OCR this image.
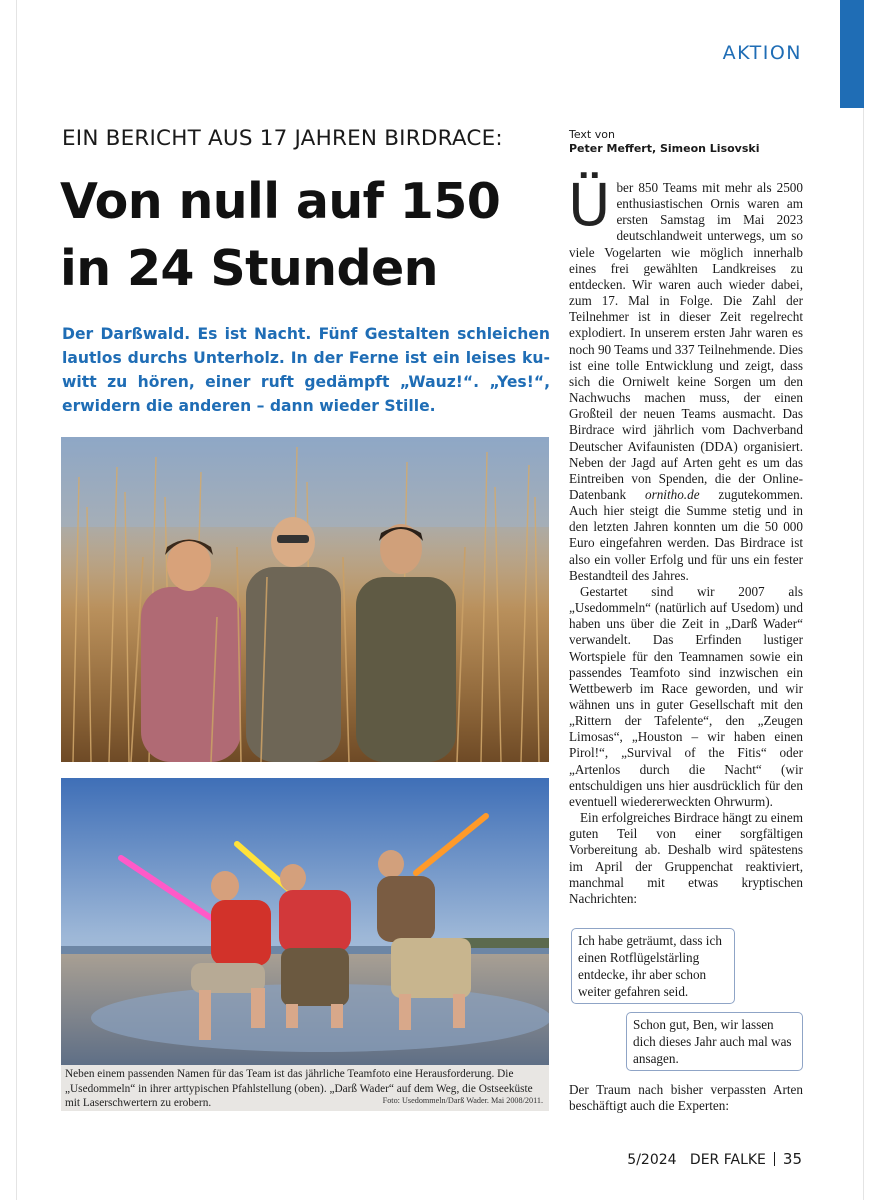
AKTION
EIN BERICHT AUS 17 JAHREN BIRDRACE:
Von null auf 150
in 24 Stunden

Der Darßwald. Es ist Nacht. Fünf Gestalten schleichen lautlos durchs Unterholz. In der Ferne ist ein leises ku-witt zu hören, einer ruft gedämpft „Wauz!“. „Yes!“, erwidern die anderen – dann wieder Stille.

Neben einem passenden Namen für das Team ist das jährliche Teamfoto eine Herausforderung. Die „Usedommeln“ in ihrer arttypischen Pfahlstellung (oben). „Darß Wader“ auf dem Weg, die Ostseeküste mit Laserschwertern zu erobern.	Foto: Usedommeln/Darß Wader. Mai 2008/2011.
Text von
Peter Meffert, Simeon Lisovski

Über 850 Teams mit mehr als 2500 enthusiastischen Ornis waren am ersten Samstag im Mai 2023 deutschlandweit unterwegs, um so viele Vogelarten wie möglich innerhalb eines frei gewählten Landkreises zu entdecken. Wir waren auch wieder dabei, zum 17. Mal in Folge. Die Zahl der Teilnehmer ist in dieser Zeit regelrecht explodiert. In unserem ersten Jahr waren es noch 90 Teams und 337 Teilnehmende. Dies ist eine tolle Entwicklung und zeigt, dass sich die Orniwelt keine Sorgen um den Nachwuchs machen muss, der einen Großteil der neuen Teams ausmacht. Das Birdrace wird jährlich vom Dachverband Deutscher Avifaunisten (DDA) organisiert. Neben der Jagd auf Arten geht es um das Eintreiben von Spenden, die der Online-Datenbank ornitho.de zugutekommen. Auch hier steigt die Summe stetig und in den letzten Jahren konnten um die 50 000 Euro eingefahren werden. Das Birdrace ist also ein voller Erfolg und für uns ein fester Bestandteil des Jahres.

Gestartet sind wir 2007 als „Usedommeln“ (natürlich auf Usedom) und haben uns über die Zeit in „Darß Wader“ verwandelt. Das Erfinden lustiger Wortspiele für den Teamnamen sowie ein passendes Teamfoto sind inzwischen ein Wettbewerb im Race geworden, und wir wähnen uns in guter Gesellschaft mit den „Rittern der Tafelente“, den „Zeugen Limosas“, „Houston – wir haben einen Pirol!“, „Survival of the Fitis“ oder „Artenlos durch die Nacht“ (wir entschuldigen uns hier ausdrücklich für den eventuell wiedererweckten Ohrwurm).

Ein erfolgreiches Birdrace hängt zu einem guten Teil von einer sorgfältigen Vorbereitung ab. Deshalb wird spätestens im April der Gruppenchat reaktiviert, manchmal mit etwas kryptischen Nachrichten:

Ich habe geträumt, dass ich einen Rotflügelstärling entdecke, ihr aber schon weiter gefahren seid.
Schon gut, Ben, wir lassen dich dieses Jahr auch mal was ansagen.

Der Traum nach bisher verpassten Arten beschäftigt auch die Experten:

5/2024 DER FALKE 35
